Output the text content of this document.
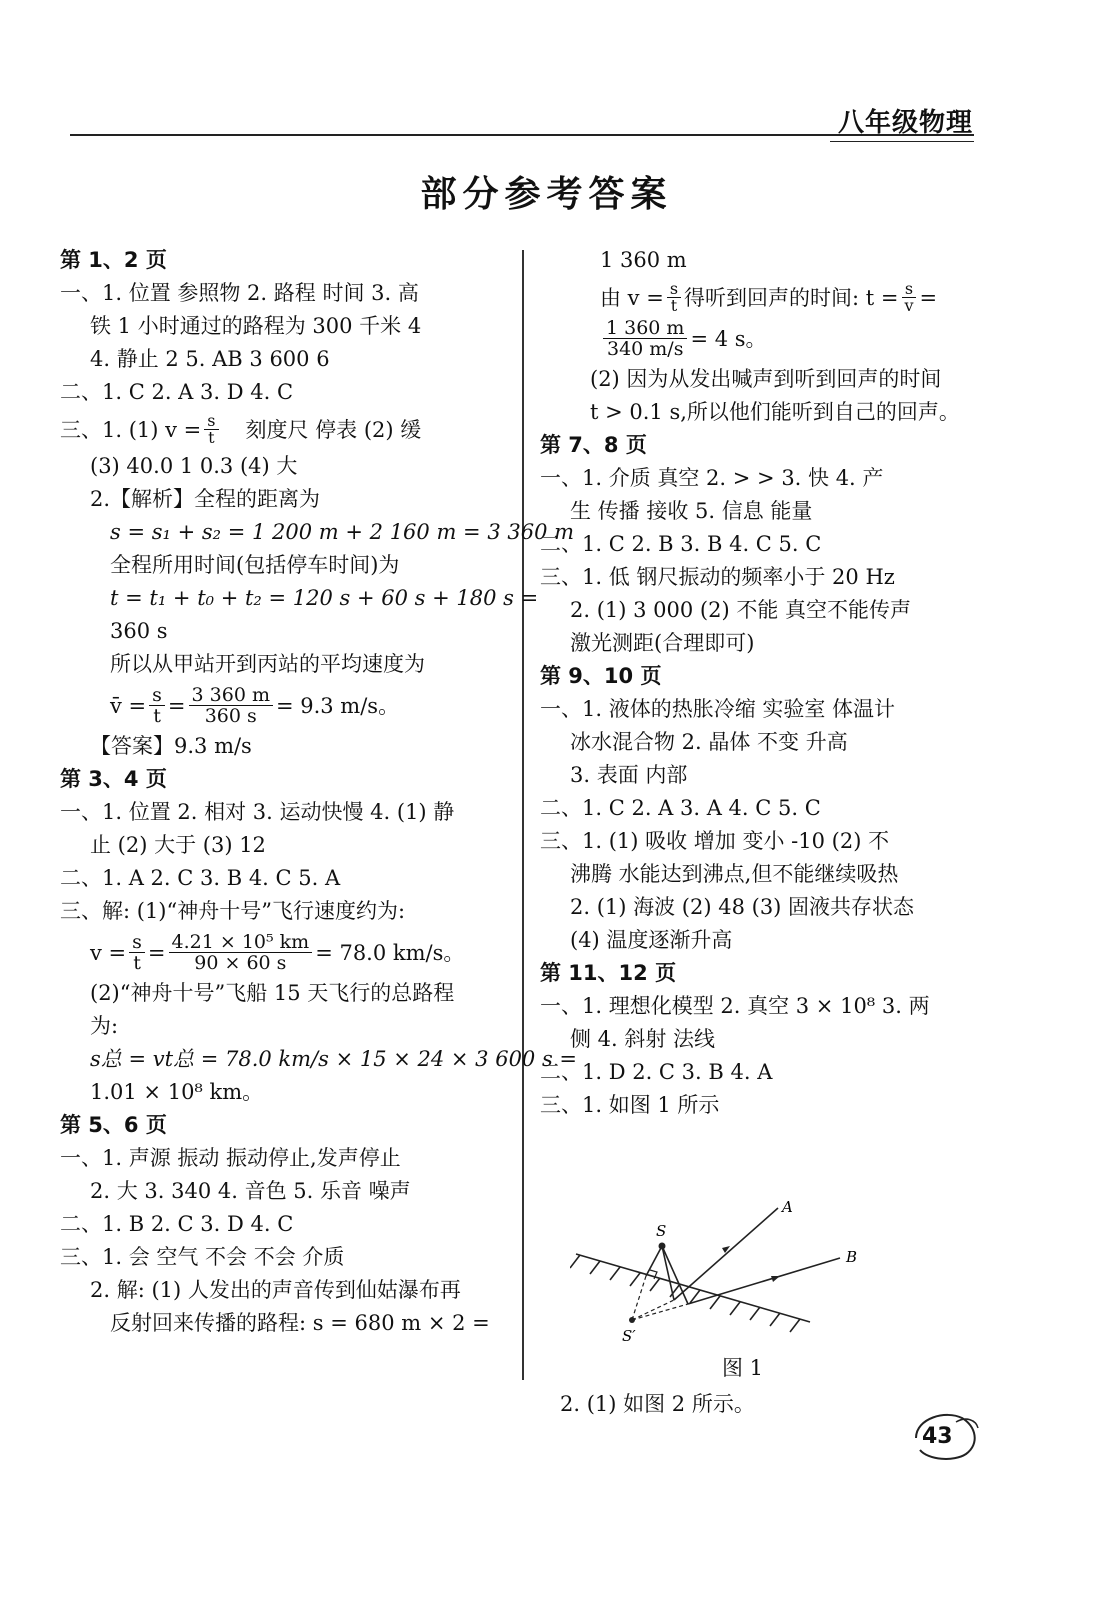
八年级物理
部分参考答案
第 1、2 页
一、1. 位置 参照物 2. 路程 时间 3. 高
铁 1 小时通过的路程为 300 千米 4
4. 静止 2 5. AB 3 600 6
二、1. C 2. A 3. D 4. C
三、1. (1) $v = \frac{s}{t}$ 刻度尺 停表 (2) 缓
(3) 40.0 1 0.3 (4) 大
2.【解析】全程的距离为
s = s₁ + s₂ = 1 200 m + 2 160 m = 3 360 m
全程所用时间(包括停车时间)为
t = t₁ + t₀ + t₂ = 120 s + 60 s + 180 s =
360 s
所以从甲站开到丙站的平均速度为
v̄ = $\frac{s}{t} = \frac{3 360 m}{360 s} = 9.3$ m/s。
【答案】9.3 m/s
第 3、4 页
一、1. 位置 2. 相对 3. 运动快慢 4. (1) 静
止 (2) 大于 (3) 12
二、1. A 2. C 3. B 4. C 5. A
三、解: (1)“神舟十号”飞行速度约为:
$v = \frac{s}{t} = \frac{\text{4.21 × 10⁵ km}}{90 \times 60 s} = 78.0$ km/s。
(2)“神舟十号”飞船 15 天飞行的总路程
为:
s总 = vt总 = 78.0 km/s × 15 × 24 × 3 600 s =
1.01 × 10⁸ km。
第 5、6 页
一、1. 声源 振动 振动停止,发声停止
2. 大 3. 340 4. 音色 5. 乐音 噪声
二、1. B 2. C 3. D 4. C
三、1. 会 空气 不会 不会 介质
2. 解: (1) 人发出的声音传到仙姑瀑布再
反射回来传播的路程: s = 680 m × 2 =
1 360 m
由 $v = \frac{s}{t}$ 得听到回声的时间: $t = \frac{s}{v}$ =
$\frac{1 360 m}{340 m/s} = 4$ s。
(2) 因为从发出喊声到听到回声的时间
t > 0.1 s,所以他们能听到自己的回声。
第 7、8 页
一、1. 介质 真空 2. > > 3. 快 4. 产
生 传播 接收 5. 信息 能量
二、1. C 2. B 3. B 4. C 5. C
三、1. 低 钢尺振动的频率小于 20 Hz
2. (1) 3 000 (2) 不能 真空不能传声
激光测距(合理即可)
第 9、10 页
一、1. 液体的热胀冷缩 实验室 体温计
冰水混合物 2. 晶体 不变 升高
3. 表面 内部
二、1. C 2. A 3. A 4. C 5. C
三、1. (1) 吸收 增加 变小 -10 (2) 不
沸腾 水能达到沸点,但不能继续吸热
2. (1) 海波 (2) 48 (3) 固液共存状态
(4) 温度逐渐升高
第 11、12 页
一、1. 理想化模型 2. 真空 3 × 10⁸ 3. 两
侧 4. 斜射 法线
二、1. D 2. C 3. B 4. A
三、1. 如图 1 所示
S
S′
A
B
图 1
2. (1) 如图 2 所示。
43
